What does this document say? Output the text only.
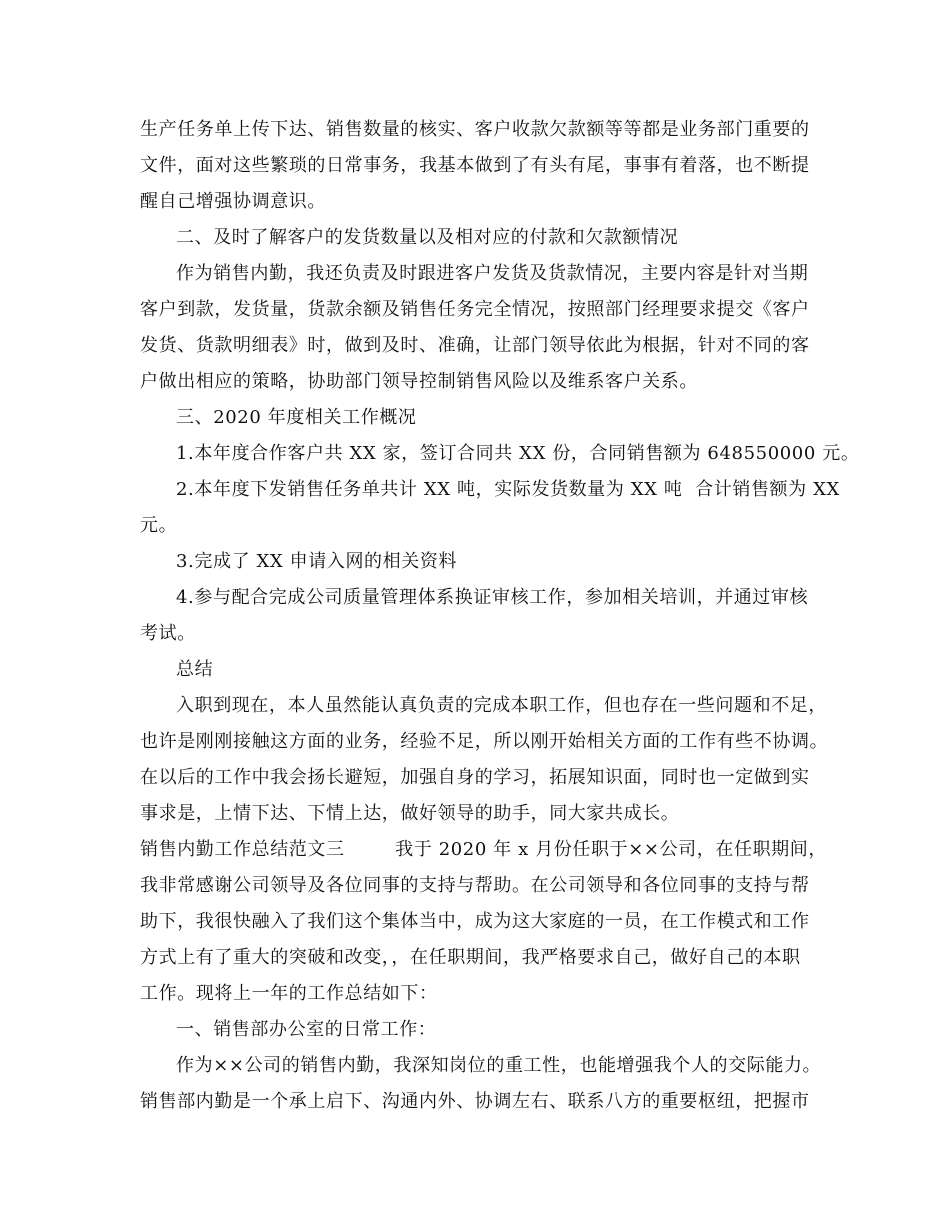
生产任务单上传下达、销售数量的核实、客户收款欠款额等等都是业务部门重要的
文件，面对这些繁琐的日常事务，我基本做到了有头有尾，事事有着落，也不断提
醒自己增强协调意识。
二、及时了解客户的发货数量以及相对应的付款和欠款额情况
作为销售内勤，我还负责及时跟进客户发货及货款情况，主要内容是针对当期
客户到款，发货量，货款余额及销售任务完全情况，按照部门经理要求提交《客户
发货、货款明细表》时，做到及时、准确，让部门领导依此为根据，针对不同的客
户做出相应的策略，协助部门领导控制销售风险以及维系客户关系。
三、2020 年度相关工作概况
1.本年度合作客户共 XX 家，签订合同共 XX 份，合同销售额为 648550000 元。
2.本年度下发销售任务单共计 XX 吨，实际发货数量为 XX 吨  合计销售额为 XX
元。
3.完成了 XX 申请入网的相关资料
4.参与配合完成公司质量管理体系换证审核工作，参加相关培训，并通过审核
考试。
总结
入职到现在，本人虽然能认真负责的完成本职工作，但也存在一些问题和不足，
也许是刚刚接触这方面的业务，经验不足，所以刚开始相关方面的工作有些不协调。
在以后的工作中我会扬长避短，加强自身的学习，拓展知识面，同时也一定做到实
事求是，上情下达、下情上达，做好领导的助手，同大家共成长。
销售内勤工作总结范文三        我于 2020 年 x 月份任职于××公司，在任职期间，
我非常感谢公司领导及各位同事的支持与帮助。在公司领导和各位同事的支持与帮
助下，我很快融入了我们这个集体当中，成为这大家庭的一员，在工作模式和工作
方式上有了重大的突破和改变，，在任职期间，我严格要求自己，做好自己的本职
工作。现将上一年的工作总结如下：
一、销售部办公室的日常工作：
作为××公司的销售内勤，我深知岗位的重工性，也能增强我个人的交际能力。
销售部内勤是一个承上启下、沟通内外、协调左右、联系八方的重要枢纽，把握市
